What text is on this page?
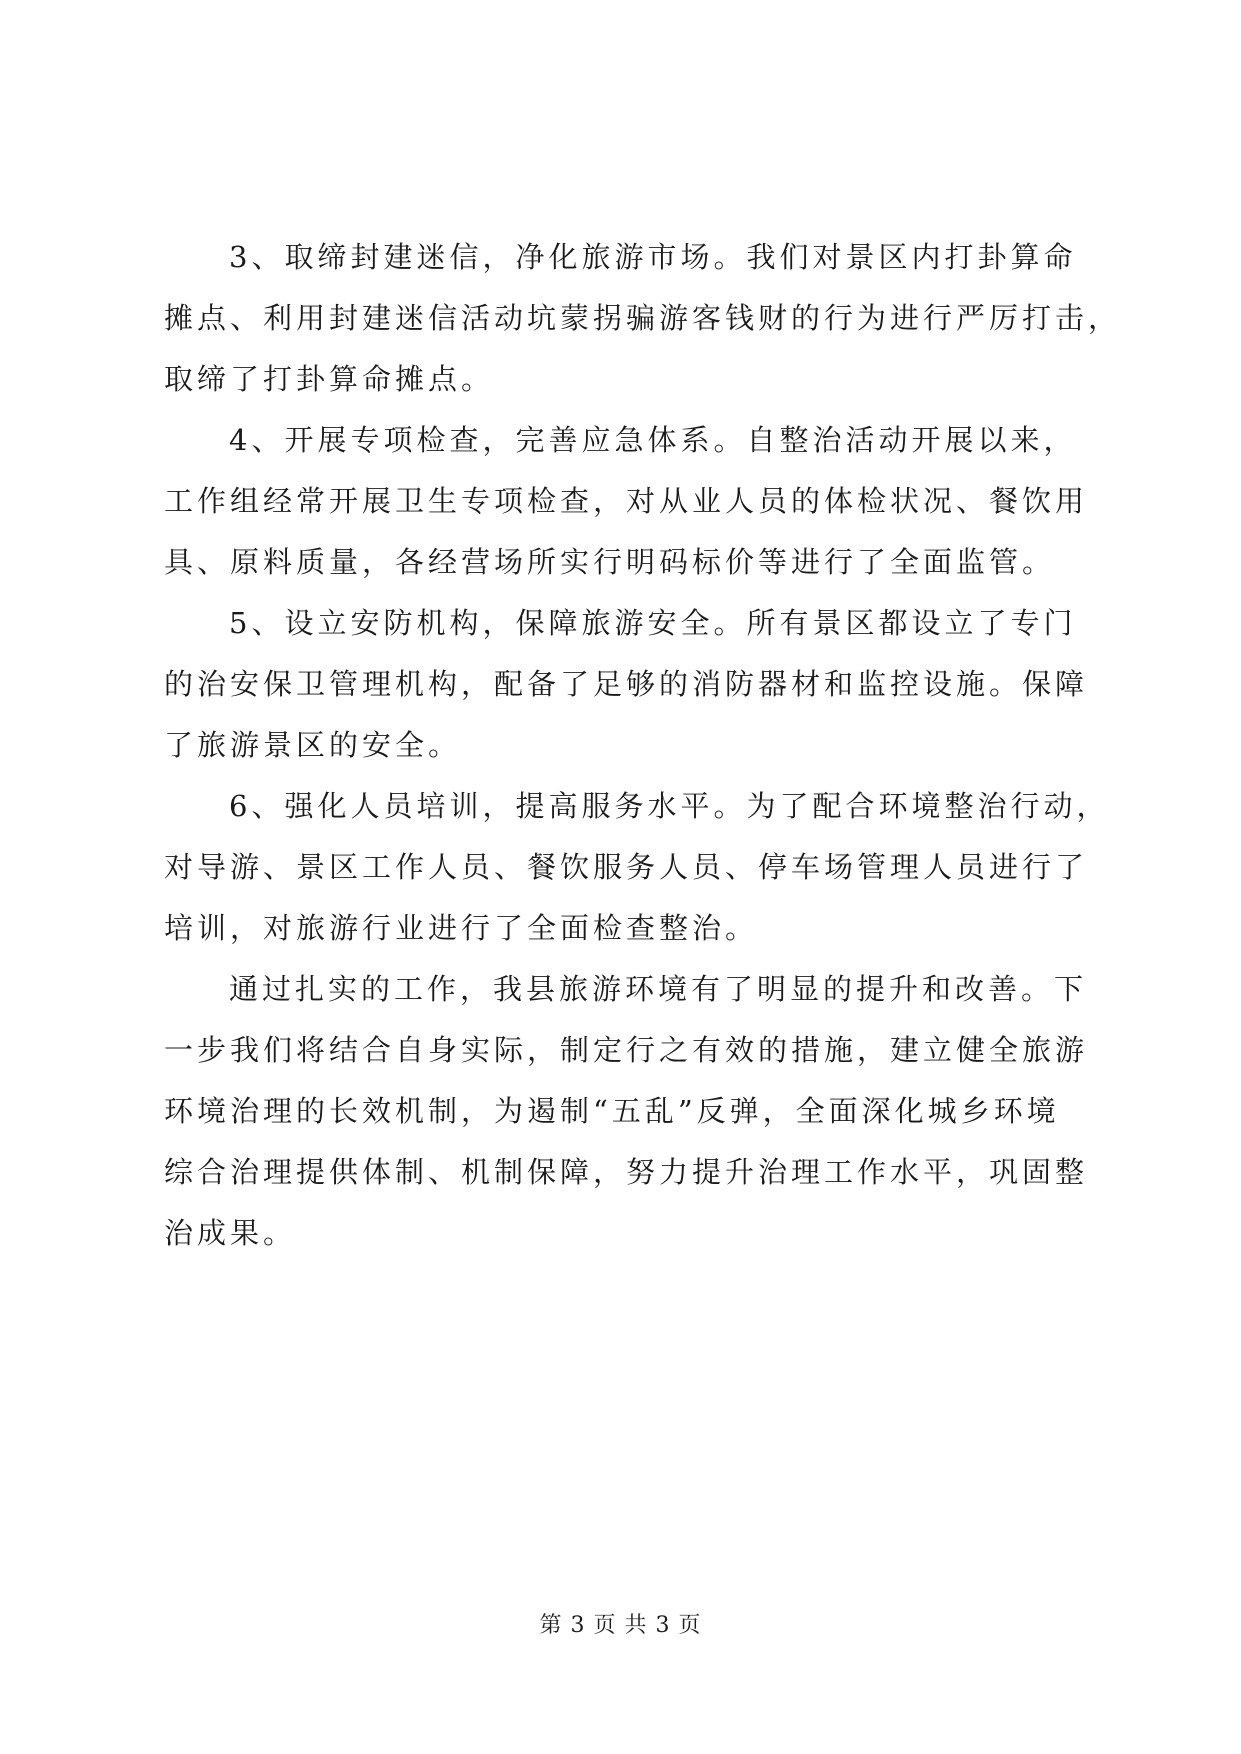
3、取缔封建迷信，净化旅游市场。我们对景区内打卦算命
摊点、利用封建迷信活动坑蒙拐骗游客钱财的行为进行严厉打击，
取缔了打卦算命摊点。
4、开展专项检查，完善应急体系。自整治活动开展以来，
工作组经常开展卫生专项检查，对从业人员的体检状况、餐饮用
具、原料质量，各经营场所实行明码标价等进行了全面监管。
5、设立安防机构，保障旅游安全。所有景区都设立了专门
的治安保卫管理机构，配备了足够的消防器材和监控设施。保障
了旅游景区的安全。
6、强化人员培训，提高服务水平。为了配合环境整治行动，
对导游、景区工作人员、餐饮服务人员、停车场管理人员进行了
培训，对旅游行业进行了全面检查整治。
通过扎实的工作，我县旅游环境有了明显的提升和改善。下
一步我们将结合自身实际，制定行之有效的措施，建立健全旅游
环境治理的长效机制，为遏制“五乱”反弹，全面深化城乡环境
综合治理提供体制、机制保障，努力提升治理工作水平，巩固整
治成果。
第 3 页 共 3 页
